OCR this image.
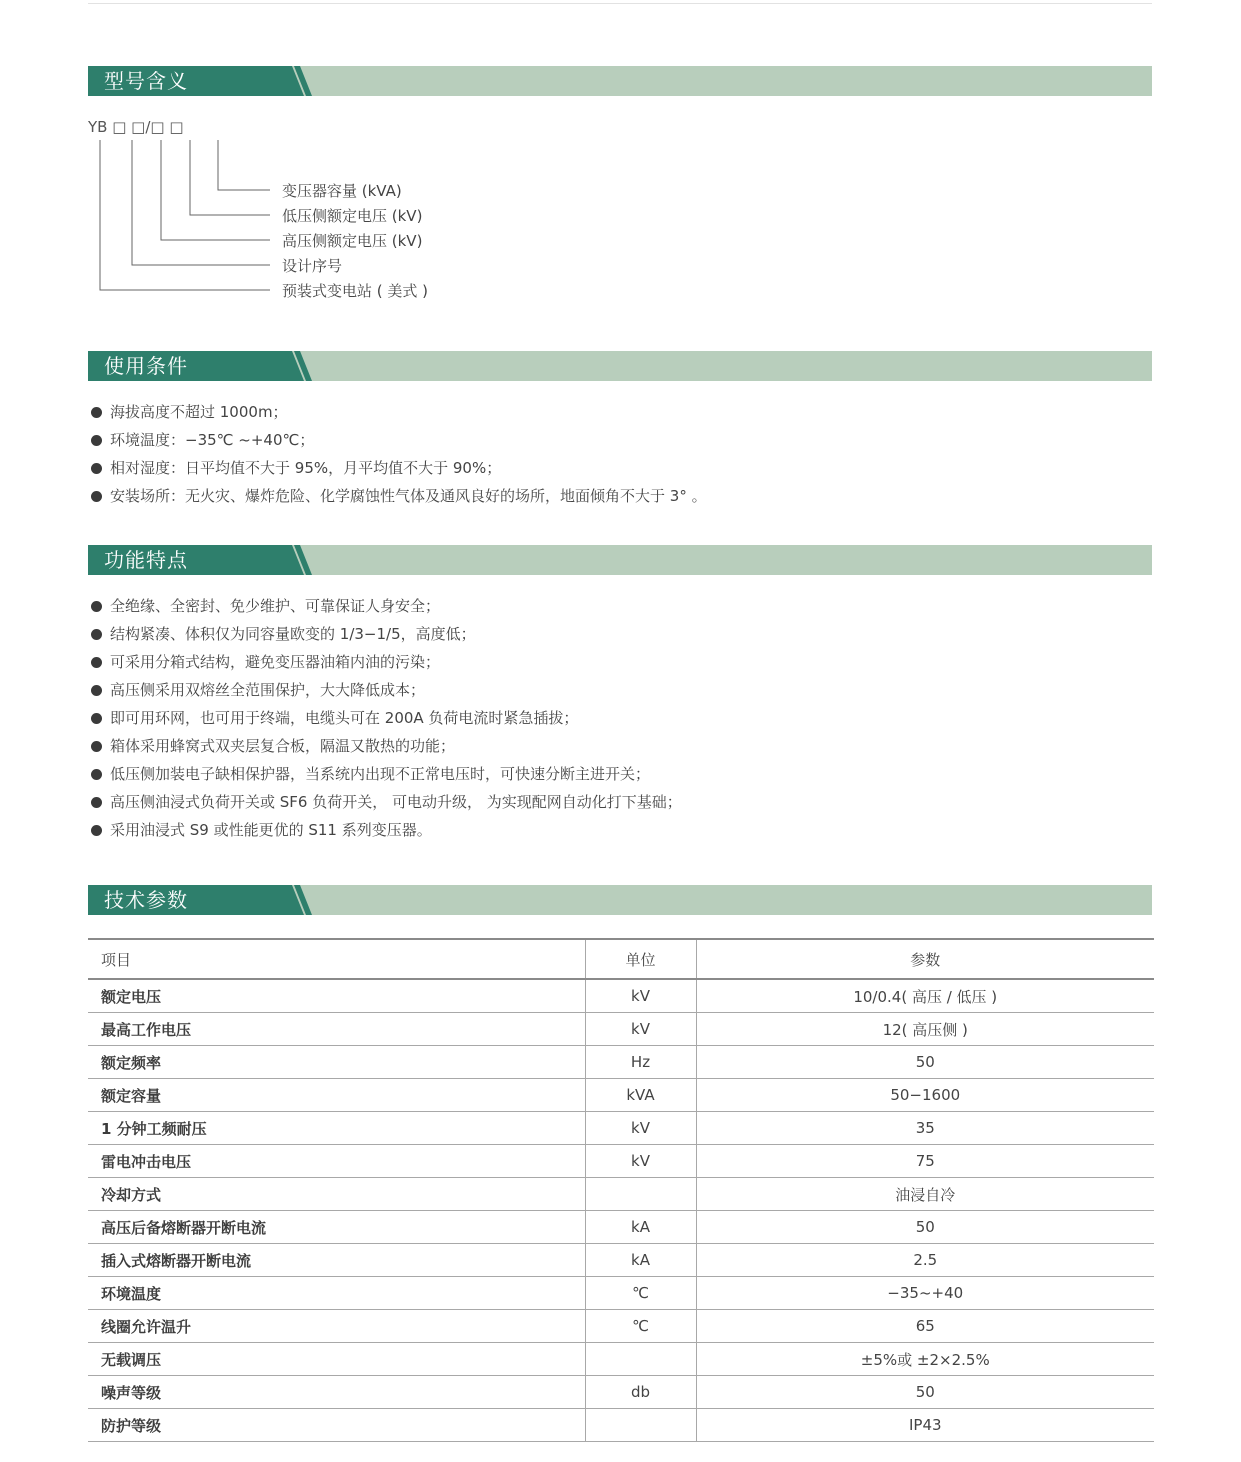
型号含义
YB □ □/□ □
变压器容量 (kVA)
低压侧额定电压 (kV)
高压侧额定电压 (kV)
设计序号
预装式变电站 ( 美式 )
使用条件
海拔高度不超过 1000m；
环境温度：−35℃ ~+40℃；
相对湿度：日平均值不大于 95%，月平均值不大于 90%；
安装场所：无火灾、爆炸危险、化学腐蚀性气体及通风良好的场所，地面倾角不大于 3° 。
功能特点
全绝缘、全密封、免少维护、可靠保证人身安全；
结构紧凑、体积仅为同容量欧变的 1/3−1/5，高度低；
可采用分箱式结构，避免变压器油箱内油的污染；
高压侧采用双熔丝全范围保护，大大降低成本；
即可用环网，也可用于终端，电缆头可在 200A 负荷电流时紧急插拔；
箱体采用蜂窝式双夹层复合板，隔温又散热的功能；
低压侧加装电子缺相保护器，当系统内出现不正常电压时，可快速分断主进开关；
高压侧油浸式负荷开关或 SF6 负荷开关， 可电动升级， 为实现配网自动化打下基础；
采用油浸式 S9 或性能更优的 S11 系列变压器。
技术参数
项目	单位	参数
额定电压	kV	10/0.4( 高压 / 低压 )
最高工作电压	kV	12( 高压侧 )
额定频率	Hz	50
额定容量	kVA	50−1600
1 分钟工频耐压	kV	35
雷电冲击电压	kV	75
冷却方式		油浸自冷
高压后备熔断器开断电流	kA	50
插入式熔断器开断电流	kA	2.5
环境温度	℃	−35~+40
线圈允许温升	℃	65
无载调压		±5%或 ±2×2.5%
噪声等级	db	50
防护等级		IP43
